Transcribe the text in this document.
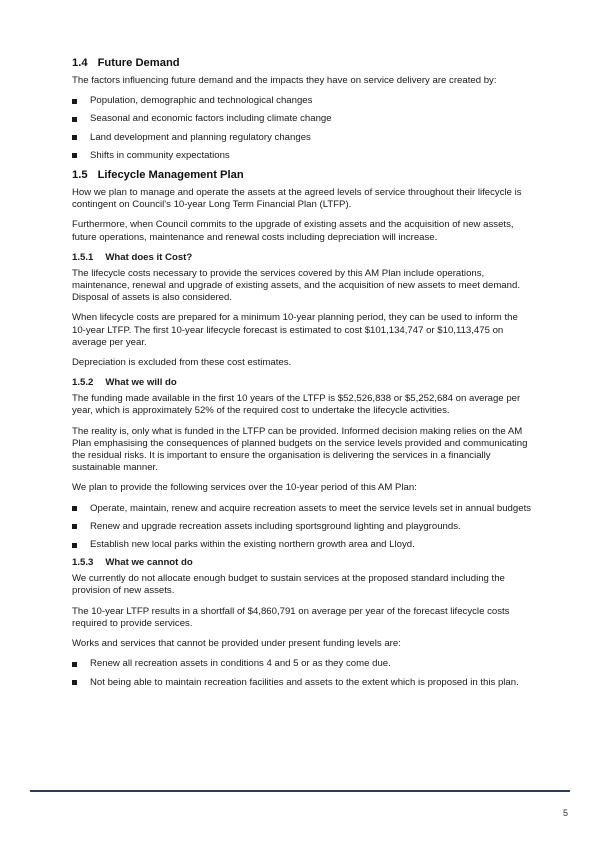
1.4 Future Demand

The factors influencing future demand and the impacts they have on service delivery are created by:

Population, demographic and technological changes
Seasonal and economic factors including climate change
Land development and planning regulatory changes
Shifts in community expectations
1.5 Lifecycle Management Plan

How we plan to manage and operate the assets at the agreed levels of service throughout their lifecycle is contingent on Council's 10-year Long Term Financial Plan (LTFP).

Furthermore, when Council commits to the upgrade of existing assets and the acquisition of new assets, future operations, maintenance and renewal costs including depreciation will increase.

1.5.1 What does it Cost?

The lifecycle costs necessary to provide the services covered by this AM Plan include operations, maintenance, renewal and upgrade of existing assets, and the acquisition of new assets to meet demand. Disposal of assets is also considered.

When lifecycle costs are prepared for a minimum 10-year planning period, they can be used to inform the 10-year LTFP. The first 10-year lifecycle forecast is estimated to cost $101,134,747 or $10,113,475 on average per year.

Depreciation is excluded from these cost estimates.

1.5.2 What we will do

The funding made available in the first 10 years of the LTFP is $52,526,838 or $5,252,684 on average per year, which is approximately 52% of the required cost to undertake the lifecycle activities.

The reality is, only what is funded in the LTFP can be provided. Informed decision making relies on the AM Plan emphasising the consequences of planned budgets on the service levels provided and communicating the residual risks. It is important to ensure the organisation is delivering the services in a financially sustainable manner.

We plan to provide the following services over the 10-year period of this AM Plan:

Operate, maintain, renew and acquire recreation assets to meet the service levels set in annual budgets
Renew and upgrade recreation assets including sportsground lighting and playgrounds.
Establish new local parks within the existing northern growth area and Lloyd.
1.5.3 What we cannot do

We currently do not allocate enough budget to sustain services at the proposed standard including the provision of new assets.

The 10-year LTFP results in a shortfall of $4,860,791 on average per year of the forecast lifecycle costs required to provide services.

Works and services that cannot be provided under present funding levels are:

Renew all recreation assets in conditions 4 and 5 or as they come due.
Not being able to maintain recreation facilities and assets to the extent which is proposed in this plan.
5
